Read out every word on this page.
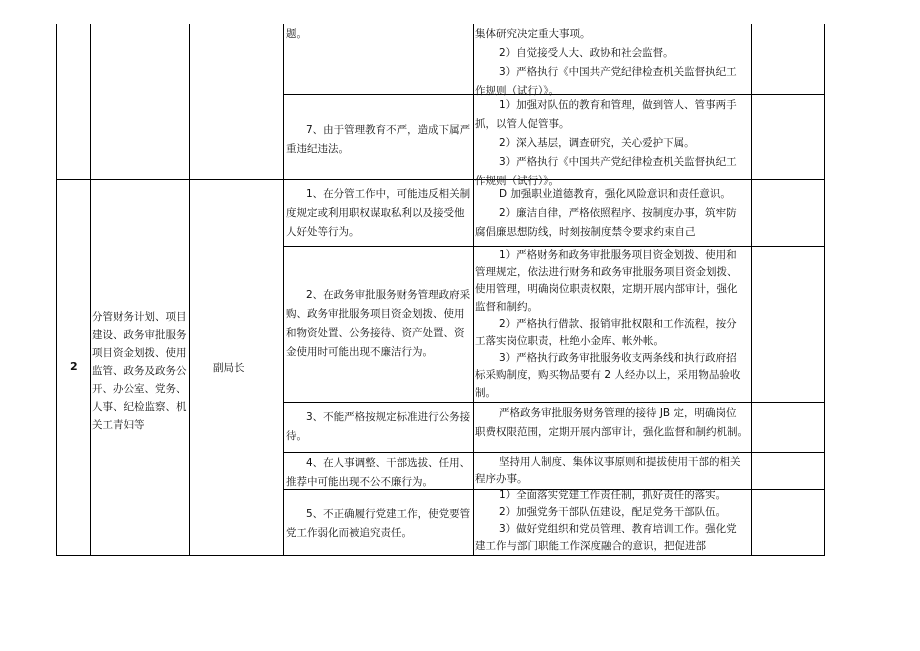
题。	集体研究决定重大事项。
2）自觉接受人大、政协和社会监督。
3）严格执行《中国共产党纪律检查机关监督执纪工
作规则（试行）》。
7、由于管理教育不严，造成下属严
重违纪违法。
1）加强对队伍的教育和管理，做到管人、管事两手
抓，以管人促管事。
2）深入基层，调查研究，关心爱护下属。
3）严格执行《中国共产党纪律检查机关监督执纪工
作规则（试行）》。
2
分管财务计划、项目
建设、政务审批服务
项目资金划拨、使用
监管、政务及政务公
开、办公室、党务、
人事、纪检监察、机
关工青妇等
副局长
1、在分管工作中，可能违反相关制
度规定或利用职权谋取私利以及接受他
人好处等行为。
D 加强职业道德教育，强化风险意识和责任意识。
2）廉洁自律，严格依照程序、按制度办事，筑牢防
腐倡廉思想防线，时刻按制度禁令要求约束自己
2、在政务审批服务财务管理政府采
购、政务审批服务项目资金划拨、使用
和物资处置、公务接待、资产处置、资
金使用时可能出现不廉洁行为。
1）严格财务和政务审批服务项目资金划拨、使用和
管理规定，依法进行财务和政务审批服务项目资金划拨、
使用管理，明确岗位职责权限，定期开展内部审计，强化
监督和制约。
2）严格执行借款、报销审批权限和工作流程，按分
工落实岗位职责，杜绝小金库、帐外帐。
3）严格执行政务审批服务收支两条线和执行政府招
标采购制度，购买物品要有 2 人经办以上，采用物品验收
制。
3、不能严格按规定标准进行公务接
待。
严格政务审批服务财务管理的接待 JB 定，明确岗位
职费权限范围，定期开展内部审计，强化监督和制约机制。
4、在人事调整、干部选拔、任用、
推荐中可能出现不公不廉行为。
坚持用人制度、集体议事原则和提拔使用干部的相关
程序办事。
5、不正确履行党建工作，使党要管
党工作弱化而被追究责任。
1）全面落实党建工作责任制，抓好责任的落实。
2）加强党务干部队伍建设，配足党务干部队伍。
3）做好党组织和党员管理、教育培训工作。强化党
建工作与部门职能工作深度融合的意识，把促进部
